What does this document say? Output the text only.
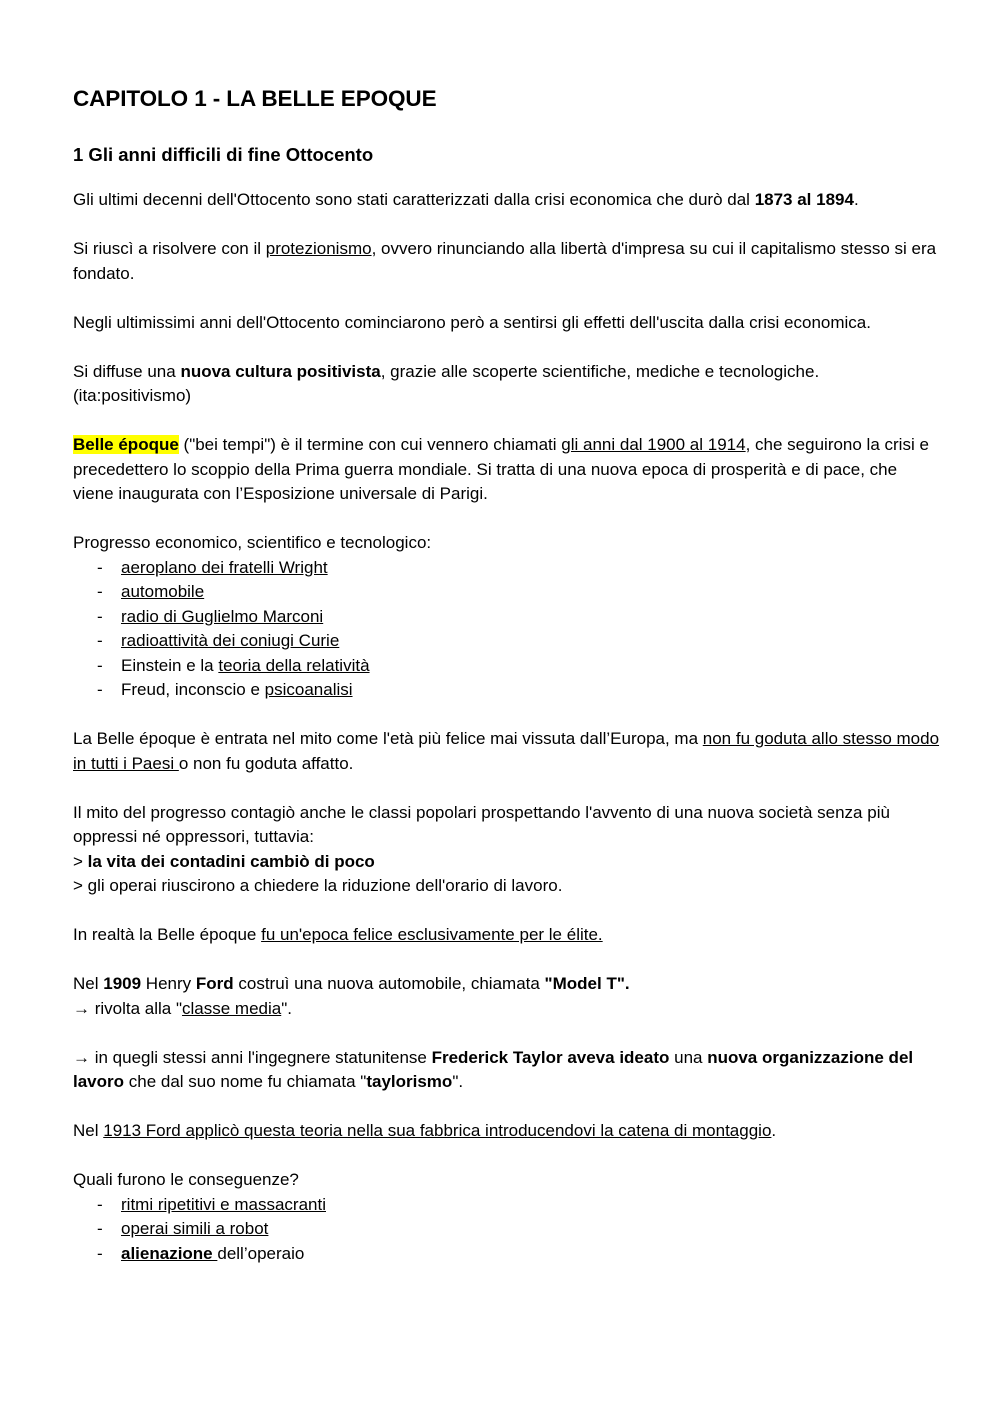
CAPITOLO 1 - LA BELLE EPOQUE
1 Gli anni difficili di fine Ottocento

Gli ultimi decenni dell'Ottocento sono stati caratterizzati dalla crisi economica che durò dal 1873 al 1894.

Si riuscì a risolvere con il protezionismo, ovvero rinunciando alla libertà d'impresa su cui il capitalismo stesso si era fondato.

Negli ultimissimi anni dell'Ottocento cominciarono però a sentirsi gli effetti dell'uscita dalla crisi economica.

Si diffuse una nuova cultura positivista, grazie alle scoperte scientifiche, mediche e tecnologiche.
(ita:positivismo)

Belle époque ("bei tempi") è il termine con cui vennero chiamati gli anni dal 1900 al 1914, che seguirono la crisi e precedettero lo scoppio della Prima guerra mondiale. Si tratta di una nuova epoca di prosperità e di pace, che viene inaugurata con l’Esposizione universale di Parigi.

Progresso economico, scientifico e tecnologico:

- aeroplano dei fratelli Wright
- automobile
- radio di Guglielmo Marconi
- radioattività dei coniugi Curie
- Einstein e la teoria della relatività
- Freud, inconscio e psicoanalisi

La Belle époque è entrata nel mito come l'età più felice mai vissuta dall’Europa, ma non fu goduta allo stesso modo in tutti i Paesi o non fu goduta affatto.

Il mito del progresso contagiò anche le classi popolari prospettando l'avvento di una nuova società senza più oppressi né oppressori, tuttavia:
> la vita dei contadini cambiò di poco
> gli operai riuscirono a chiedere la riduzione dell'orario di lavoro.

In realtà la Belle époque fu un'epoca felice esclusivamente per le élite.

Nel 1909 Henry Ford costruì una nuova automobile, chiamata "Model T".
→ rivolta alla "classe media".

→ in quegli stessi anni l'ingegnere statunitense Frederick Taylor aveva ideato una nuova organizzazione del lavoro che dal suo nome fu chiamata "taylorismo".

Nel 1913 Ford applicò questa teoria nella sua fabbrica introducendovi la catena di montaggio.

Quali furono le conseguenze?

- ritmi ripetitivi e massacranti
- operai simili a robot
- alienazione dell’operaio
